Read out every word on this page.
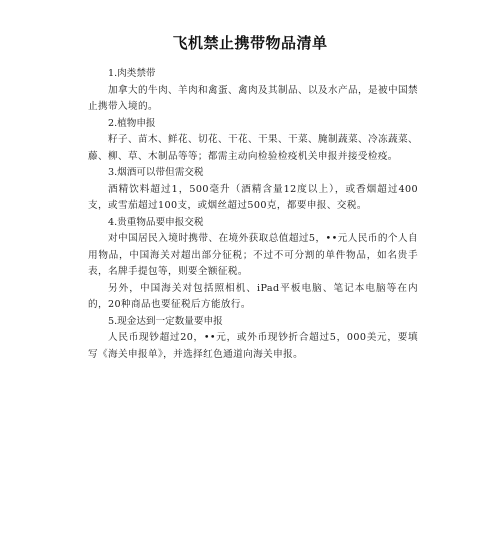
飞机禁止携带物品清单

1.肉类禁带

加拿大的牛肉、羊肉和禽蛋、禽肉及其制品、以及水产品，是被中国禁止携带入境的。

2.植物申报

籽子、苗木、鲜花、切花、干花、干果、干菜、腌制蔬菜、冷冻蔬菜、藤、柳、草、木制品等等；都需主动向检验检疫机关申报并接受检疫。

3.烟酒可以带但需交税

酒精饮料超过1，500毫升（酒精含量12度以上），或香烟超过400支，或雪茄超过100支，或烟丝超过500克，都要申报、交税。

4.贵重物品要申报交税

对中国居民入境时携带、在境外获取总值超过5，••元人民币的个人自用物品，中国海关对超出部分征税；不过不可分割的单件物品，如名贵手表，名牌手提包等，则要全额征税。

另外，中国海关对包括照相机、iPad平板电脑、笔记本电脑等在内的，20种商品也要征税后方能放行。

5.现金达到一定数量要申报

人民币现钞超过20，••元，或外币现钞折合超过5，000美元，要填写《海关申报单》，并选择红色通道向海关申报。
